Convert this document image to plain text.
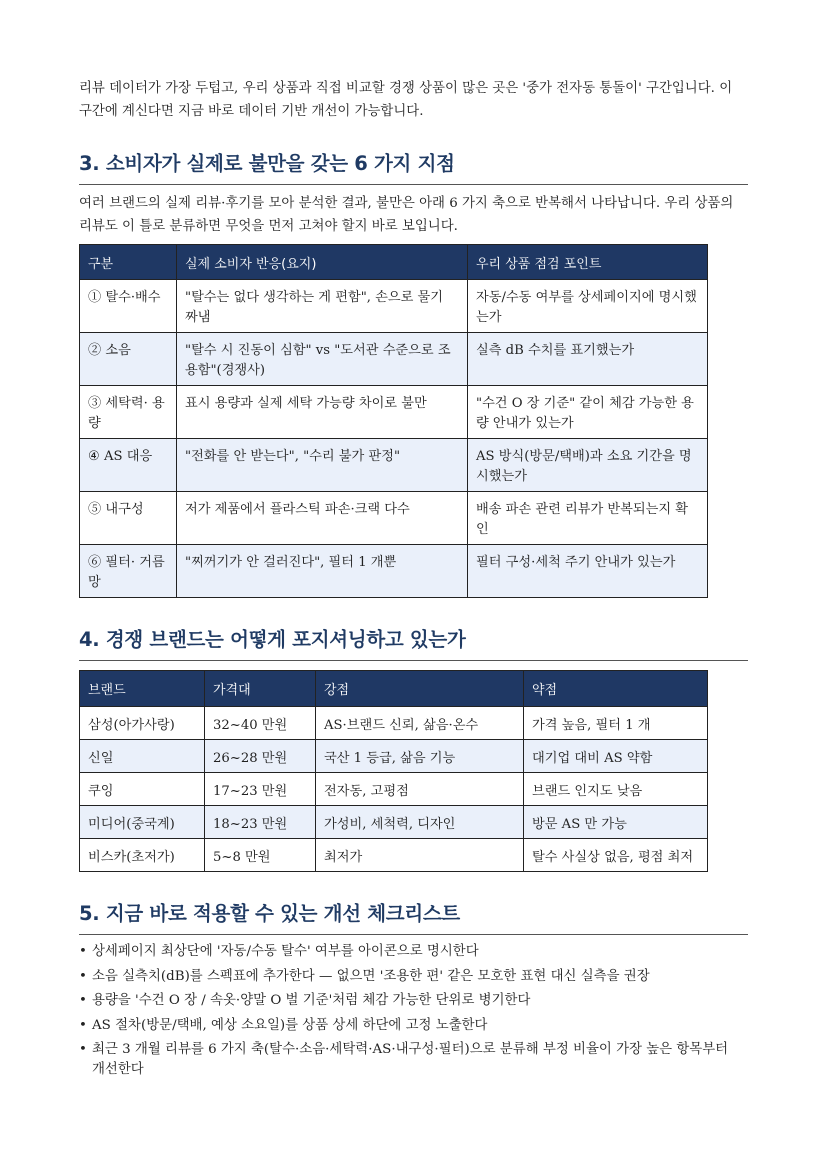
리뷰 데이터가 가장 두텁고, 우리 상품과 직접 비교할 경쟁 상품이 많은 곳은 '중가 전자동 통돌이' 구간입니다. 이 구간에 계신다면 지금 바로 데이터 기반 개선이 가능합니다.

3. 소비자가 실제로 불만을 갖는 6 가지 지점

여러 브랜드의 실제 리뷰·후기를 모아 분석한 결과, 불만은 아래 6 가지 축으로 반복해서 나타납니다. 우리 상품의 리뷰도 이 틀로 분류하면 무엇을 먼저 고쳐야 할지 바로 보입니다.

구분	실제 소비자 반응(요지)	우리 상품 점검 포인트
① 탈수·배수	"탈수는 없다 생각하는 게 편함", 손으로 물기 짜냄	자동/수동 여부를 상세페이지에 명시했는가
② 소음	"탈수 시 진동이 심함" vs "도서관 수준으로 조용함"(경쟁사)	실측 dB 수치를 표기했는가
③ 세탁력· 용량	표시 용량과 실제 세탁 가능량 차이로 불만	"수건 O 장 기준" 같이 체감 가능한 용량 안내가 있는가
④ AS 대응	"전화를 안 받는다", "수리 불가 판정"	AS 방식(방문/택배)과 소요 기간을 명시했는가
⑤ 내구성	저가 제품에서 플라스틱 파손·크랙 다수	배송 파손 관련 리뷰가 반복되는지 확인
⑥ 필터· 거름망	"찌꺼기가 안 걸러진다", 필터 1 개뿐	필터 구성·세척 주기 안내가 있는가
4. 경쟁 브랜드는 어떻게 포지셔닝하고 있는가
브랜드	가격대	강점	약점
삼성(아가사랑)	32~40 만원	AS·브랜드 신뢰, 삶음·온수	가격 높음, 필터 1 개
신일	26~28 만원	국산 1 등급, 삶음 기능	대기업 대비 AS 약함
쿠잉	17~23 만원	전자동, 고평점	브랜드 인지도 낮음
미디어(중국계)	18~23 만원	가성비, 세척력, 디자인	방문 AS 만 가능
비스카(초저가)	5~8 만원	최저가	탈수 사실상 없음, 평점 최저
5. 지금 바로 적용할 수 있는 개선 체크리스트
• 상세페이지 최상단에 '자동/수동 탈수' 여부를 아이콘으로 명시한다
• 소음 실측치(dB)를 스펙표에 추가한다 — 없으면 '조용한 편' 같은 모호한 표현 대신 실측을 권장
• 용량을 '수건 O 장 / 속옷·양말 O 벌 기준'처럼 체감 가능한 단위로 병기한다
• AS 절차(방문/택배, 예상 소요일)를 상품 상세 하단에 고정 노출한다
• 최근 3 개월 리뷰를 6 가지 축(탈수·소음·세탁력·AS·내구성·필터)으로 분류해 부정 비율이 가장 높은 항목부터 개선한다
